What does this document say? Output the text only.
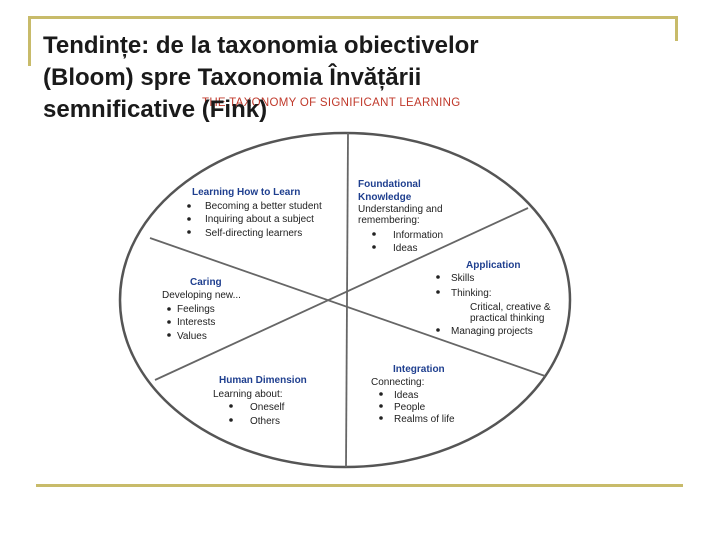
Tendințe: de la taxonomia obiectivelor
(Bloom) spre Taxonomia Învățării
semnificative (Fink)
THE TAXONOMY OF SIGNIFICANT LEARNING
Learning How to Learn
Becoming a better student
Inquiring about a subject
Self-directing learners
Foundational
Knowledge
Understanding and
remembering:
Information
Ideas
Caring
Developing new...
Feelings
Interests
Values
Application
Skills
Thinking:
Critical, creative &
practical thinking
Managing projects
Human Dimension
Learning about:
Oneself
Others
Integration
Connecting:
Ideas
People
Realms of life
